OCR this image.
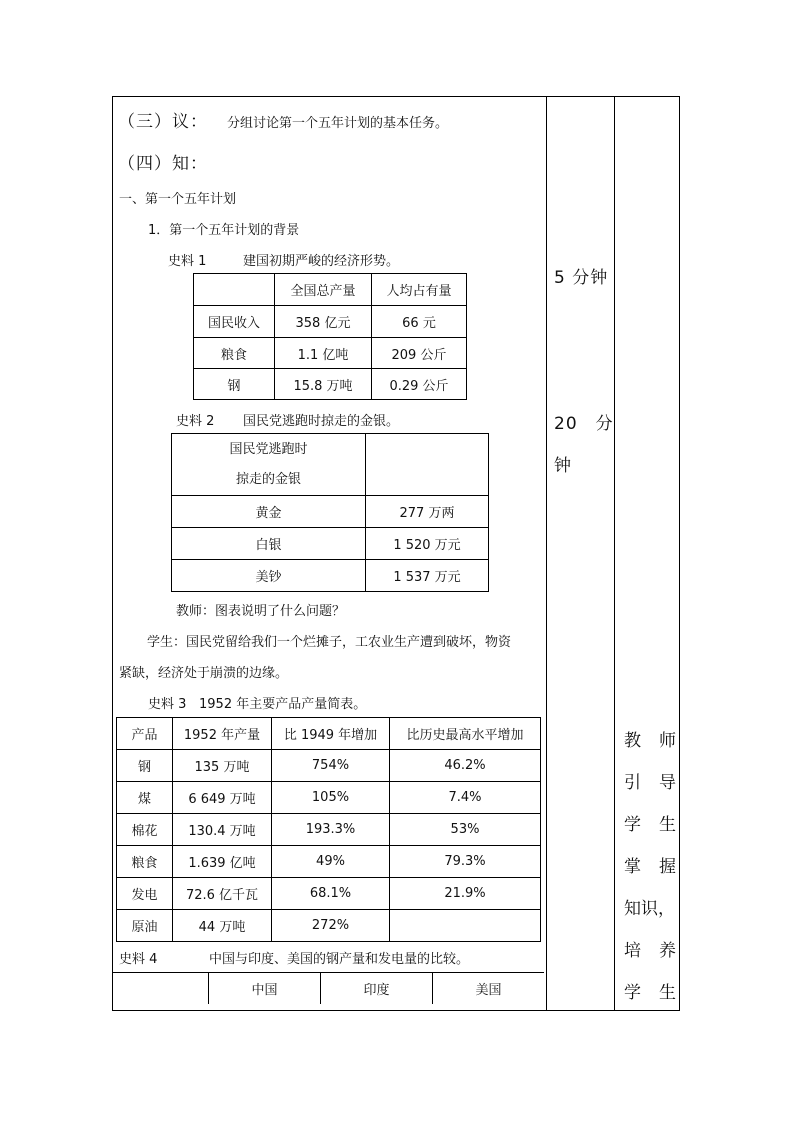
（三）议： 分组讨论第一个五年计划的基本任务。
（四）知：
一、第一个五年计划
1．第一个五年计划的背景
史料 1	建国初期严峻的经济形势。
	全国总产量	人均占有量
国民收入	358 亿元	66 元
粮食	1.1 亿吨	209 公斤
钢	15.8 万吨	0.29 公斤
史料 2 国民党逃跑时掠走的金银。
国民党逃跑时
掠走的金银	

黄金	277 万两
白银	1 520 万元
美钞	1 537 万元
教师：图表说明了什么问题？
学生：国民党留给我们一个烂摊子，工农业生产遭到破坏，物资
紧缺，经济处于崩溃的边缘。
史料 3 1952 年主要产品产量简表。
产品	1952 年产量	比 1949 年增加	比历史最高水平增加
钢	135 万吨	754%	46.2%
煤	6 649 万吨	105%	7.4%
棉花	130.4 万吨	193.3%	53%
粮食	1.639 亿吨	49%	79.3%
发电	72.6 亿千瓦	68.1%	21.9%
原油	44 万吨	272%	
史料 4	中国与印度、美国的钢产量和发电量的比较。
	中国	印度	美国
5 分钟
20　分
钟
教 师
引 导
学 生
掌 握
知识，
培 养
学 生
